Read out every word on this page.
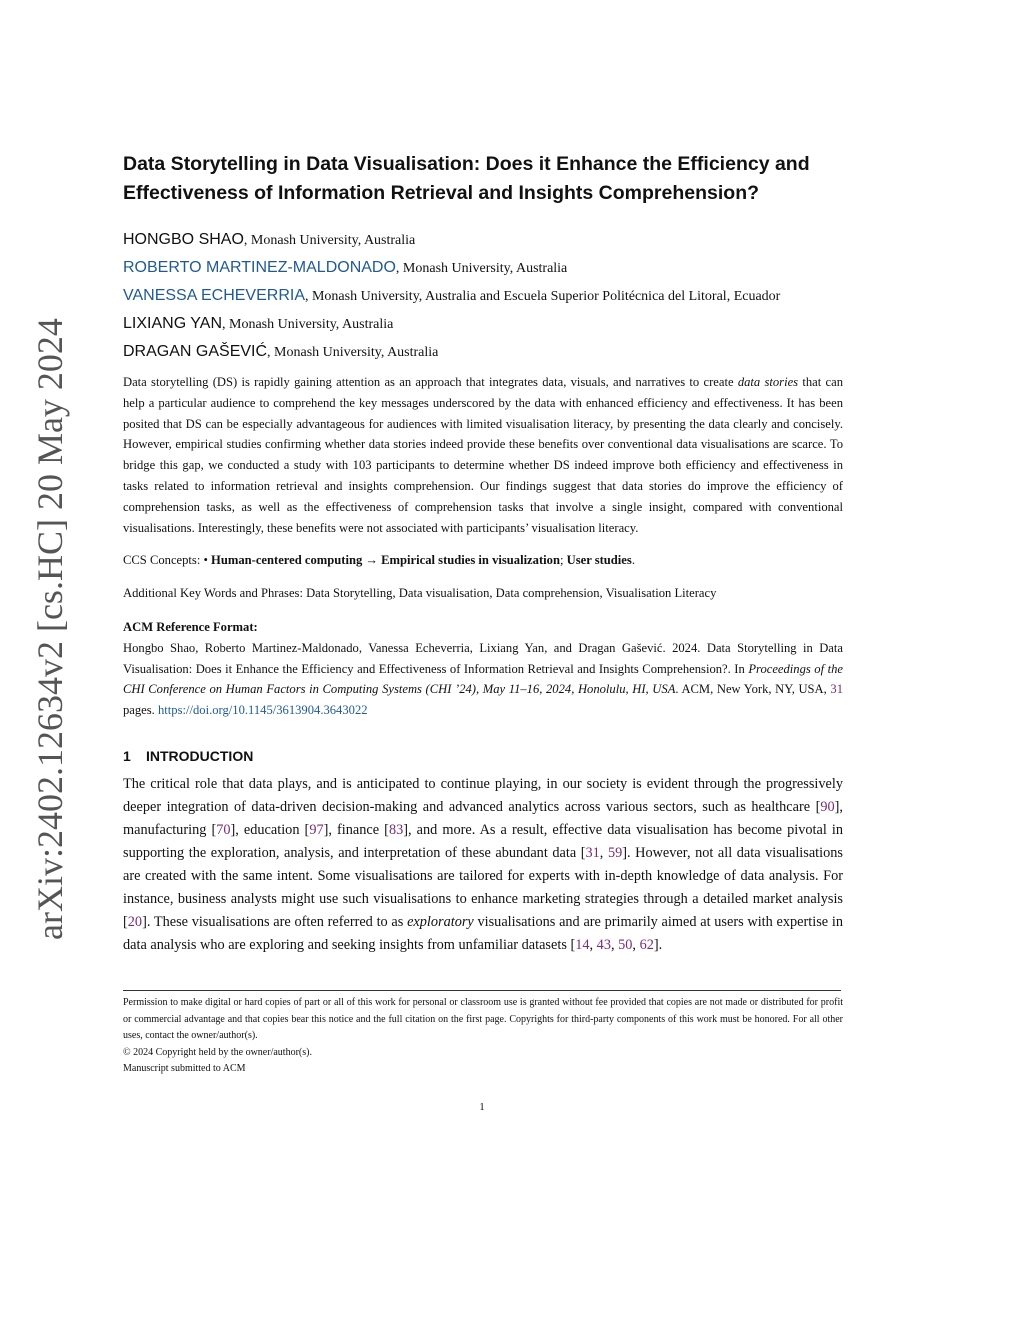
arXiv:2402.12634v2 [cs.HC] 20 May 2024
Data Storytelling in Data Visualisation: Does it Enhance the Efficiency and Effectiveness of Information Retrieval and Insights Comprehension?
HONGBO SHAO, Monash University, Australia
ROBERTO MARTINEZ-MALDONADO, Monash University, Australia
VANESSA ECHEVERRIA, Monash University, Australia and Escuela Superior Politécnica del Litoral, Ecuador
LIXIANG YAN, Monash University, Australia
DRAGAN GAŠEVIĆ, Monash University, Australia
Data storytelling (DS) is rapidly gaining attention as an approach that integrates data, visuals, and narratives to create data stories that can help a particular audience to comprehend the key messages underscored by the data with enhanced efficiency and effectiveness. It has been posited that DS can be especially advantageous for audiences with limited visualisation literacy, by presenting the data clearly and concisely. However, empirical studies confirming whether data stories indeed provide these benefits over conventional data visualisations are scarce. To bridge this gap, we conducted a study with 103 participants to determine whether DS indeed improve both efficiency and effectiveness in tasks related to information retrieval and insights comprehension. Our findings suggest that data stories do improve the efficiency of comprehension tasks, as well as the effectiveness of comprehension tasks that involve a single insight, compared with conventional visualisations. Interestingly, these benefits were not associated with participants’ visualisation literacy.
CCS Concepts: • Human-centered computing → Empirical studies in visualization; User studies.
Additional Key Words and Phrases: Data Storytelling, Data visualisation, Data comprehension, Visualisation Literacy
ACM Reference Format:
Hongbo Shao, Roberto Martinez-Maldonado, Vanessa Echeverria, Lixiang Yan, and Dragan Gašević. 2024. Data Storytelling in Data Visualisation: Does it Enhance the Efficiency and Effectiveness of Information Retrieval and Insights Comprehension?. In Proceedings of the CHI Conference on Human Factors in Computing Systems (CHI ’24), May 11–16, 2024, Honolulu, HI, USA. ACM, New York, NY, USA, 31 pages. https://doi.org/10.1145/3613904.3643022
1 INTRODUCTION
The critical role that data plays, and is anticipated to continue playing, in our society is evident through the progressively deeper integration of data-driven decision-making and advanced analytics across various sectors, such as healthcare [90], manufacturing [70], education [97], finance [83], and more. As a result, effective data visualisation has become pivotal in supporting the exploration, analysis, and interpretation of these abundant data [31, 59]. However, not all data visualisations are created with the same intent. Some visualisations are tailored for experts with in-depth knowledge of data analysis. For instance, business analysts might use such visualisations to enhance marketing strategies through a detailed market analysis [20]. These visualisations are often referred to as exploratory visualisations and are primarily aimed at users with expertise in data analysis who are exploring and seeking insights from unfamiliar datasets [14, 43, 50, 62].
Permission to make digital or hard copies of part or all of this work for personal or classroom use is granted without fee provided that copies are not made or distributed for profit or commercial advantage and that copies bear this notice and the full citation on the first page. Copyrights for third-party components of this work must be honored. For all other uses, contact the owner/author(s).
© 2024 Copyright held by the owner/author(s).
Manuscript submitted to ACM
1
